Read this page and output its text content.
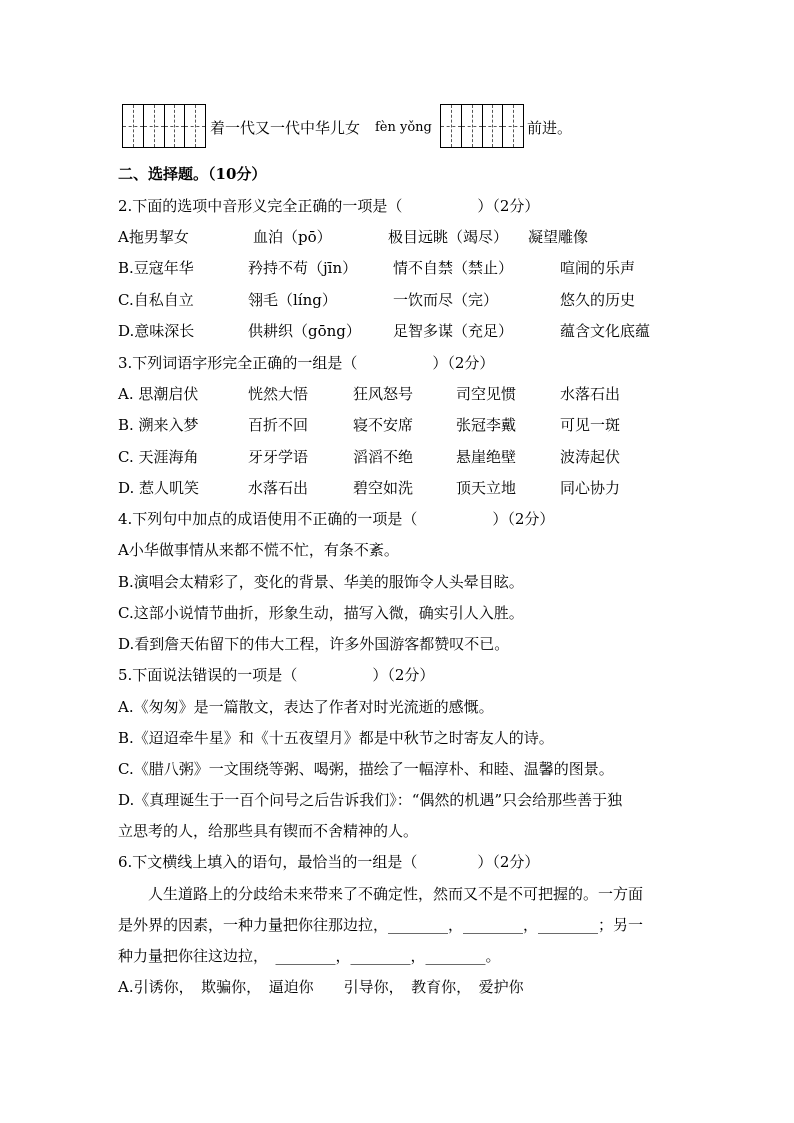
着一代又一代中华儿女 fèn yǒng	前进。
二、选择题。（10分）
2.下面的选项中音形义完全正确的一项是（　　　　　）（2分）
A拖男挈女	血泊（pō）	极目远眺（竭尽） 凝望雕像
B.豆寇年华	矜持不苟（jīn） 情不自禁（禁止）	喧闹的乐声
C.自私自立	翎毛（líng）	一饮而尽（完）	悠久的历史
D.意味深长	供耕织（gōng） 足智多谋（充足）	蕴含文化底蕴
3.下列词语字形完全正确的一组是（　　　　　）（2分）
A. 思潮启伏	恍然大悟	狂风怒号	司空见惯	水落石出
B. 溯来入梦	百折不回	寝不安席	张冠李戴	可见一斑
C. 天涯海角	牙牙学语	滔滔不绝	悬崖绝壁	波涛起伏
D. 惹人叽笑	水落石出	碧空如洗	顶天立地	同心协力
4.下列句中加点的成语使用不正确的一项是（　　　　　）（2分）
A小华做事情从来都不慌不忙，有条不紊。
B.演唱会太精彩了，变化的背景、华美的服饰令人头晕目眩。
C.这部小说情节曲折，形象生动，描写入微，确实引人入胜。
D.看到詹天佑留下的伟大工程，许多外国游客都赞叹不已。
5.下面说法错误的一项是（　　　　　）（2分）
A.《匆匆》是一篇散文，表达了作者对时光流逝的感慨。
B.《迢迢牵牛星》和《十五夜望月》都是中秋节之时寄友人的诗。
C.《腊八粥》一文围绕等粥、喝粥，描绘了一幅淳朴、和睦、温馨的图景。
D.《真理诞生于一百个问号之后告诉我们》：“偶然的机遇”只会给那些善于独
立思考的人，给那些具有锲而不舍精神的人。
6.下文横线上填入的语句，最恰当的一组是（　　　　）（2分）
人生道路上的分歧给未来带来了不确定性，然而又不是不可把握的。一方面
是外界的因素，一种力量把你往那边拉，________，________，________；另一
种力量把你往这边拉，　________，________，________。
A.引诱你，　欺骗你，　逼迫你　　引导你，　教育你，　爱护你
